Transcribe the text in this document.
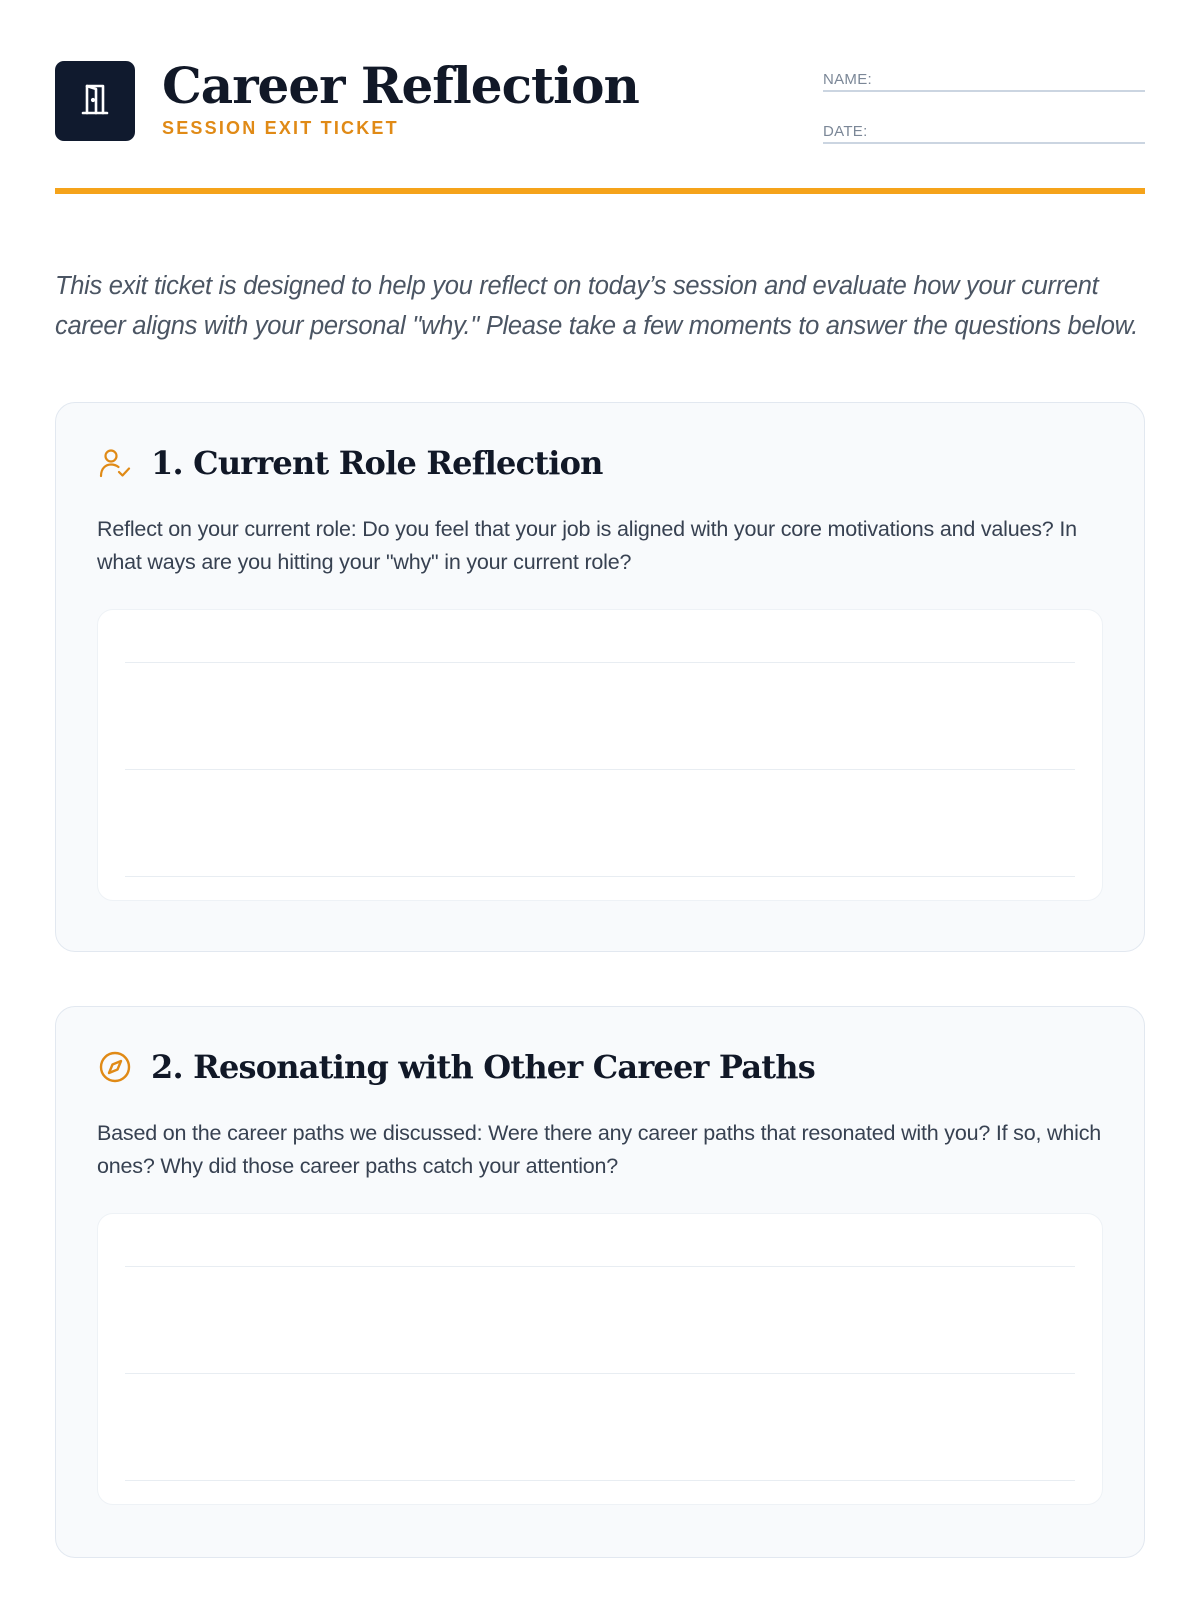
Career Reflection
SESSION EXIT TICKET
NAME:
DATE:
This exit ticket is designed to help you reflect on today’s session and evaluate how your current career aligns with your personal "why." Please take a few moments to answer the questions below.
1. Current Role Reflection
Reflect on your current role: Do you feel that your job is aligned with your core motivations and values? In what ways are you hitting your "why" in your current role?
2. Resonating with Other Career Paths
Based on the career paths we discussed: Were there any career paths that resonated with you? If so, which ones? Why did those career paths catch your attention?
